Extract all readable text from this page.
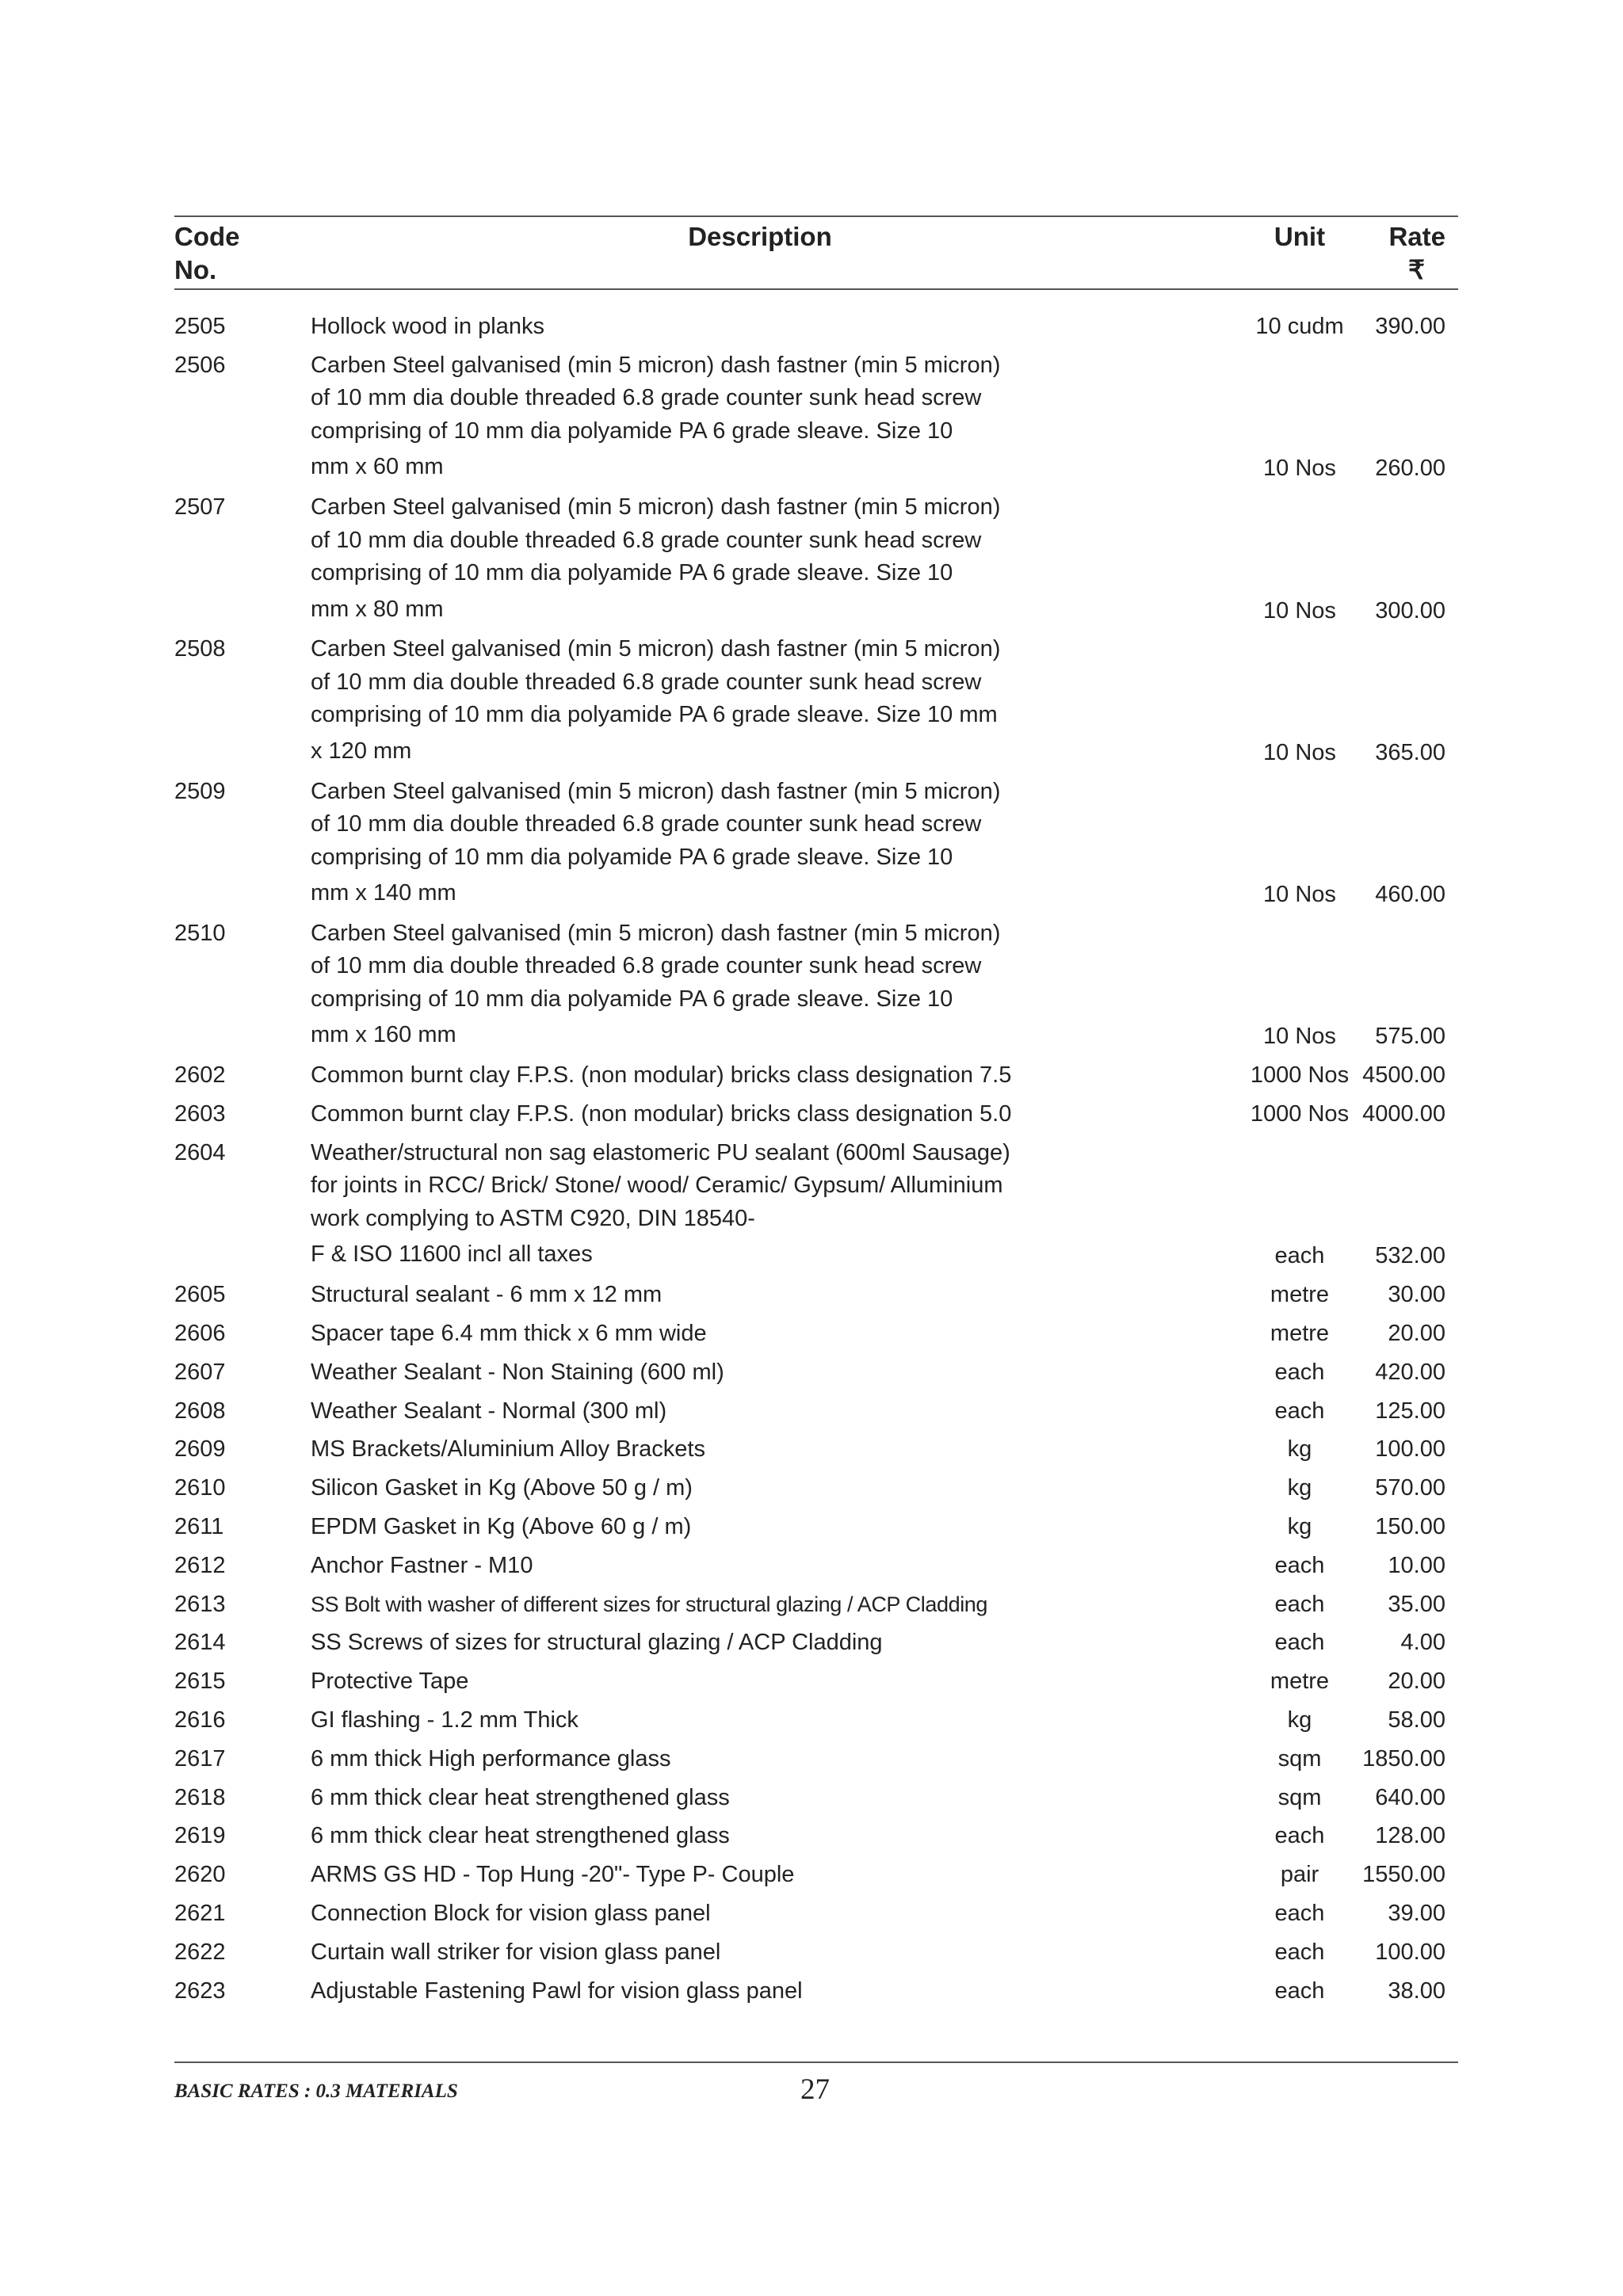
Code
No.
Description	Unit	Rate
₹
2505	Hollock wood in planks	10 cudm	390.00
2506	Carben Steel galvanised (min 5 micron) dash fastner (min 5 micron)
of 10 mm dia double threaded 6.8 grade counter sunk head screw
comprising of 10 mm dia polyamide PA 6 grade sleave. Size 10
mm x 60 mm	10 Nos	260.00
2507	Carben Steel galvanised (min 5 micron) dash fastner (min 5 micron)
of 10 mm dia double threaded 6.8 grade counter sunk head screw
comprising of 10 mm dia polyamide PA 6 grade sleave. Size 10
mm x 80 mm	10 Nos	300.00
2508	Carben Steel galvanised (min 5 micron) dash fastner (min 5 micron)
of 10 mm dia double threaded 6.8 grade counter sunk head screw
comprising of 10 mm dia polyamide PA 6 grade sleave. Size 10 mm
x 120 mm	10 Nos	365.00
2509	Carben Steel galvanised (min 5 micron) dash fastner (min 5 micron)
of 10 mm dia double threaded 6.8 grade counter sunk head screw
comprising of 10 mm dia polyamide PA 6 grade sleave. Size 10
mm x 140 mm	10 Nos	460.00
2510	Carben Steel galvanised (min 5 micron) dash fastner (min 5 micron)
of 10 mm dia double threaded 6.8 grade counter sunk head screw
comprising of 10 mm dia polyamide PA 6 grade sleave. Size 10
mm x 160 mm	10 Nos	575.00
2602	Common burnt clay F.P.S. (non modular) bricks class designation 7.5	1000 Nos 4500.00
2603	Common burnt clay F.P.S. (non modular) bricks class designation 5.0	1000 Nos 4000.00
2604	Weather/structural non sag elastomeric PU sealant (600ml Sausage)
for joints in RCC/ Brick/ Stone/ wood/ Ceramic/ Gypsum/ Alluminium
work complying to ASTM C920, DIN 18540-
F & ISO 11600 incl all taxes	each	532.00
2605	Structural sealant - 6 mm x 12 mm	metre	30.00
2606	Spacer tape 6.4 mm thick x 6 mm wide	metre	20.00
2607	Weather Sealant - Non Staining (600 ml)	each	420.00
2608	Weather Sealant - Normal (300 ml)	each	125.00
2609	MS Brackets/Aluminium Alloy Brackets	kg	100.00
2610	Silicon Gasket in Kg (Above 50 g / m)	kg	570.00
2611	EPDM Gasket in Kg (Above 60 g / m)	kg	150.00
2612	Anchor Fastner - M10	each	10.00
2613	SS Bolt with washer of different sizes for structural glazing / ACP Cladding	each	35.00
2614	SS Screws of sizes for structural glazing / ACP Cladding	each	4.00
2615	Protective Tape	metre	20.00
2616	GI flashing - 1.2 mm Thick	kg	58.00
2617	6 mm thick High performance glass	sqm	1850.00
2618	6 mm thick clear heat strengthened glass	sqm	640.00
2619	6 mm thick clear heat strengthened glass	each	128.00
2620	ARMS GS HD - Top Hung -20"- Type P- Couple	pair	1550.00
2621	Connection Block for vision glass panel	each	39.00
2622	Curtain wall striker for vision glass panel	each	100.00
2623	Adjustable Fastening Pawl for vision glass panel	each	38.00
BASIC RATES : 0.3 MATERIALS	27
